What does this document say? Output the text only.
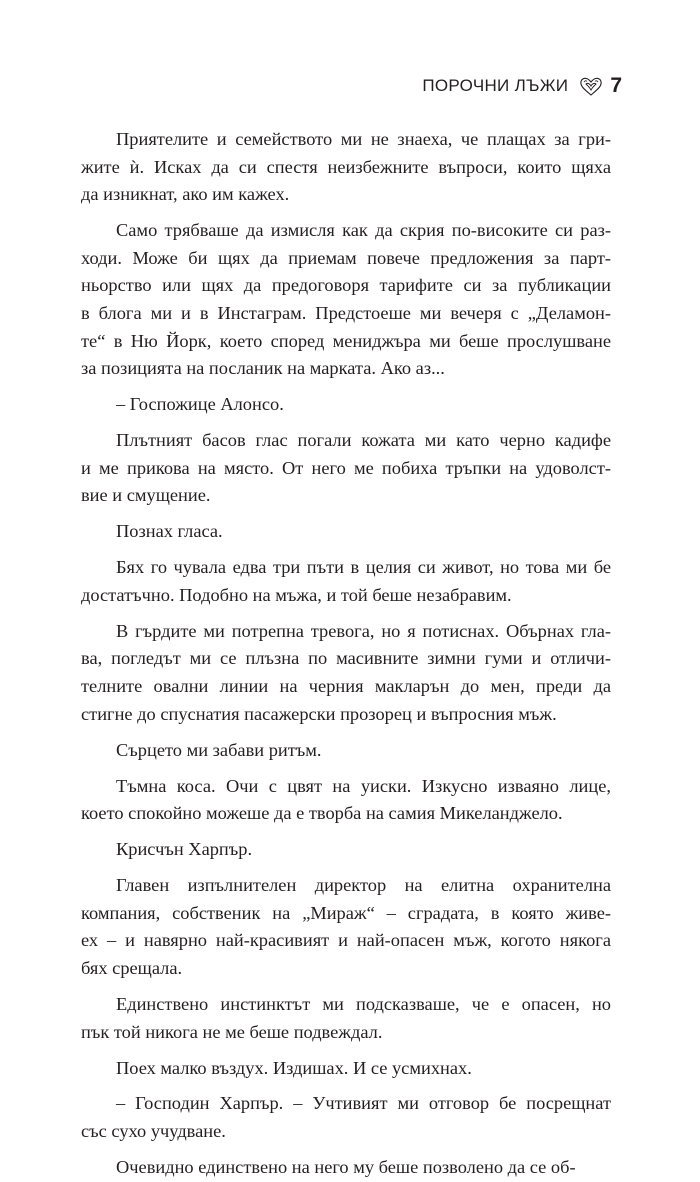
ПОРОЧНИ ЛЪЖИ 7
Приятелите и семейството ми не знаеха, че плащах за гри-
жите ѝ. Исках да си спестя неизбежните въпроси, които щяха
да изникнат, ако им кажех.
Само трябваше да измисля как да скрия по-високите си раз-
ходи. Може би щях да приемам повече предложения за парт-
ньорство или щях да предоговоря тарифите си за публикации
в блога ми и в Инстаграм. Предстоеше ми вечеря с „Деламон-
те“ в Ню Йорк, което според мениджъра ми беше прослушване
за позицията на посланик на марката. Ако аз...
– Госпожице Алонсо.
Плътният басов глас погали кожата ми като черно кадифе
и ме прикова на място. От него ме побиха тръпки на удоволст-
вие и смущение.
Познах гласа.
Бях го чувала едва три пъти в целия си живот, но това ми бе
достатъчно. Подобно на мъжа, и той беше незабравим.
В гърдите ми потрепна тревога, но я потиснах. Обърнах гла-
ва, погледът ми се плъзна по масивните зимни гуми и отличи-
телните овални линии на черния макларън до мен, преди да
стигне до спуснатия пасажерски прозорец и въпросния мъж.
Сърцето ми забави ритъм.
Тъмна коса. Очи с цвят на уиски. Изкусно изваяно лице,
което спокойно можеше да е творба на самия Микеланджело.
Крисчън Харпър.
Главен изпълнителен директор на елитна охранителна
компания, собственик на „Мираж“ – сградата, в която живе-
ех – и навярно най-красивият и най-опасен мъж, когото някога
бях срещала.
Единствено инстинктът ми подсказваше, че е опасен, но
пък той никога не ме беше подвеждал.
Поех малко въздух. Издишах. И се усмихнах.
– Господин Харпър. – Учтивият ми отговор бе посрещнат
със сухо учудване.
Очевидно единствено на него му беше позволено да се об-
